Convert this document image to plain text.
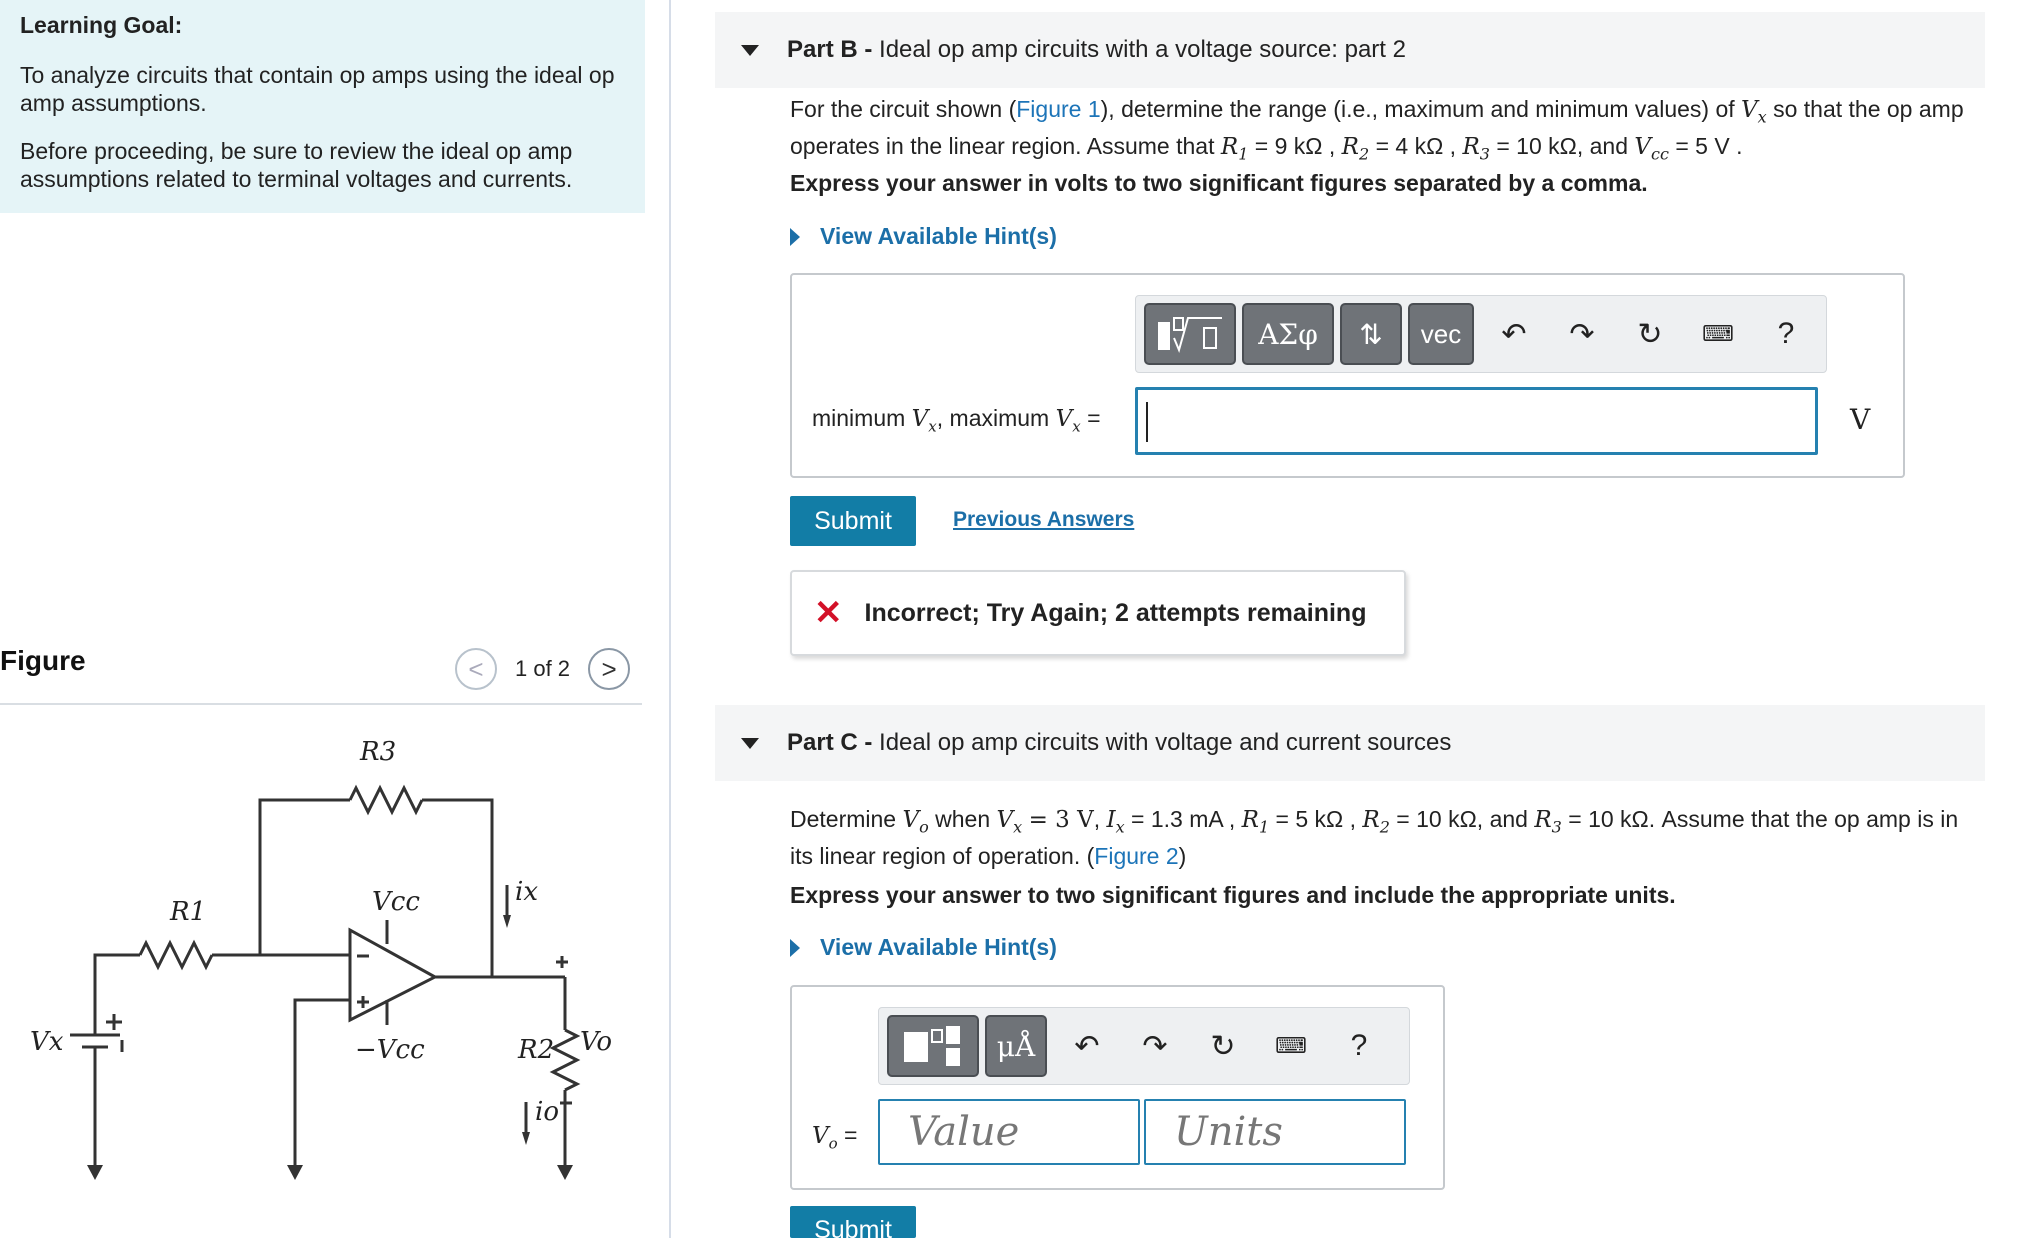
Learning Goal:
To analyze circuits that contain op amps using the ideal op amp assumptions.
Before proceeding, be sure to review the ideal op amp assumptions related to terminal voltages and currents.
Figure	< 1 of 2 >
R3
R1	Vcc
−Vcc
Vx	R2 Vo
ix
io
Part B - Ideal op amp circuits with a voltage source: part 2
For the circuit shown (Figure 1), determine the range (i.e., maximum and minimum values) of $V_x$ so that the op amp operates in the linear region. Assume that $R_1 = 9$ kΩ , $R_2 = 4$ kΩ , $R_3 = 10$ kΩ, and $V_{cc} = 5$ V .
Express your answer in volts to two significant figures separated by a comma.
View Available Hint(s)
ΑΣφ	⇅	vec	↶	↷	↻	⌨	?
minimum $V_x$, maximum $V_x$ =	V
Submit	Previous Answers
✕ Incorrect; Try Again; 2 attempts remaining
Part C - Ideal op amp circuits with voltage and current sources
Determine $V_o$ when $V_x = 3$ V, $I_x = 1.3$ mA , $R_1 = 5$ kΩ , $R_2 = 10$ kΩ, and $R_3 = 10$ kΩ. Assume that the op amp is in its linear region of operation. (Figure 2)
Express your answer to two significant figures and include the appropriate units.
View Available Hint(s)
μÅ	↶	↷	↻	⌨	?
$V_o$ = Value	Units
Submit
